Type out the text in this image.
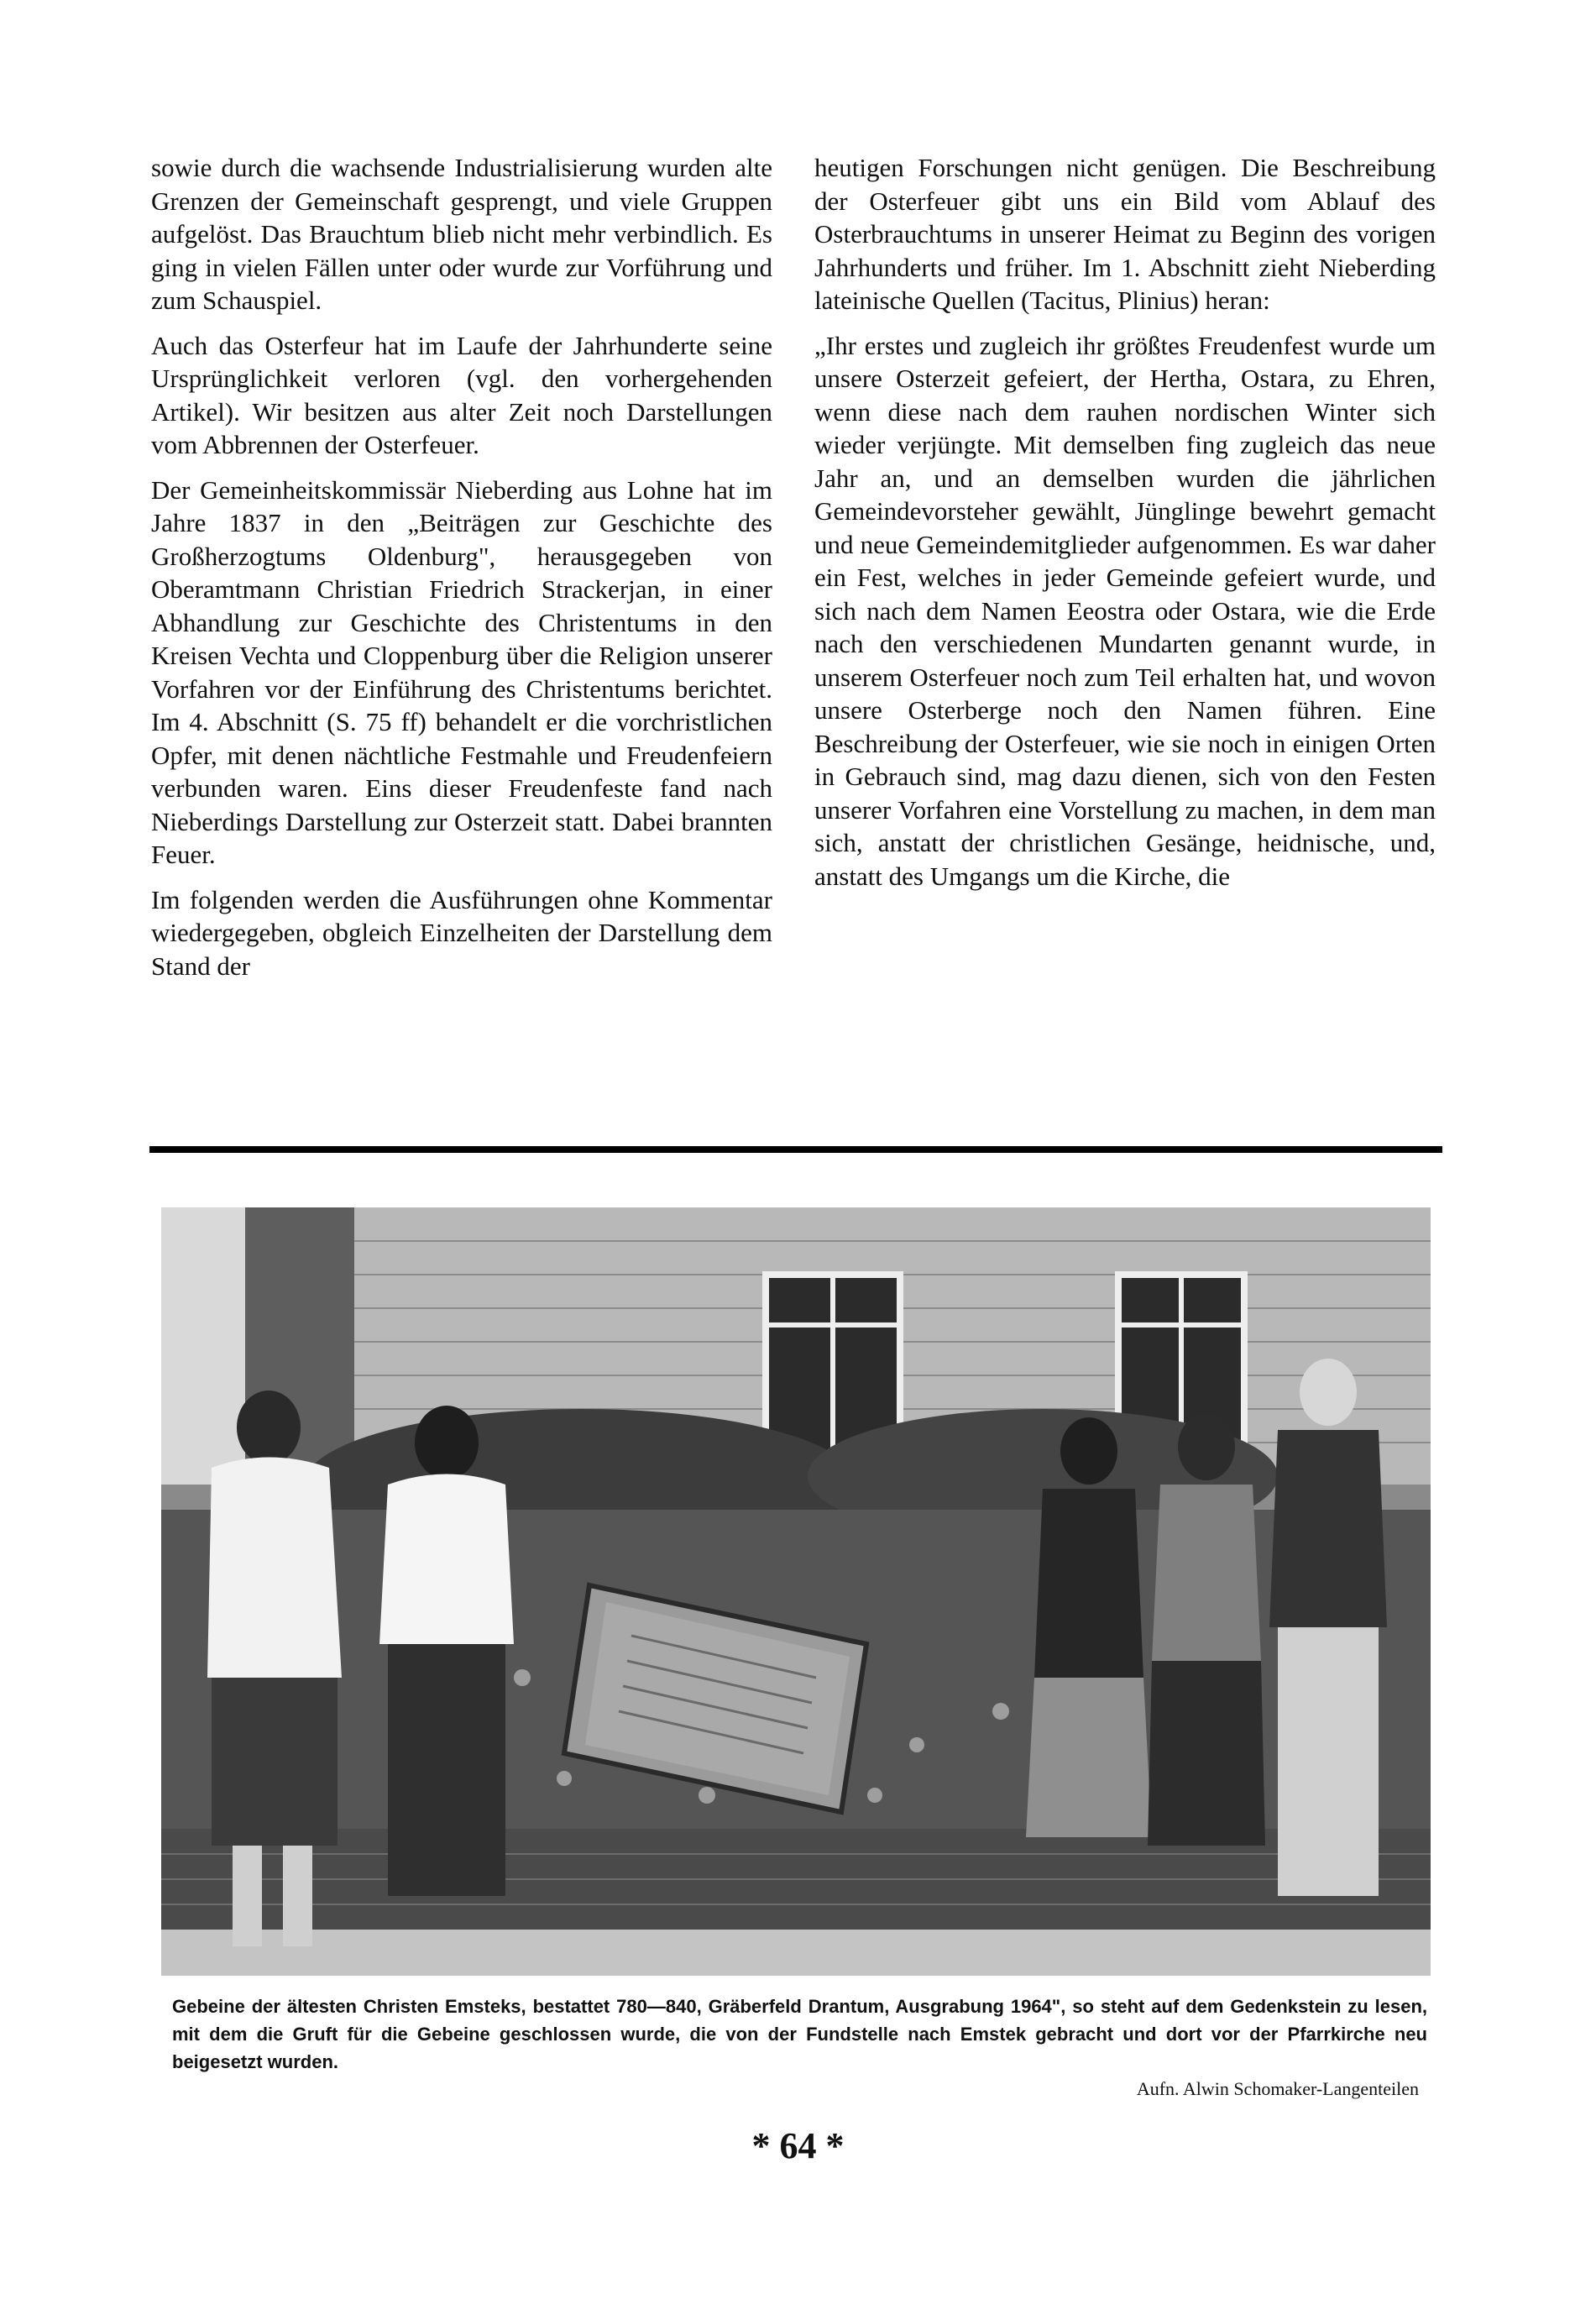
sowie durch die wachsende Industrialisierung wurden alte Grenzen der Gemeinschaft gesprengt, und viele Gruppen aufgelöst. Das Brauchtum blieb nicht mehr verbindlich. Es ging in vielen Fällen unter oder wurde zur Vorführung und zum Schauspiel.

Auch das Osterfeur hat im Laufe der Jahrhunderte seine Ursprünglichkeit verloren (vgl. den vorhergehenden Artikel). Wir besitzen aus alter Zeit noch Darstellungen vom Abbrennen der Osterfeuer.

Der Gemeinheitskommissär Nieberding aus Lohne hat im Jahre 1837 in den „Beiträgen zur Geschichte des Großherzogtums Oldenburg", herausgegeben von Oberamtmann Christian Friedrich Strackerjan, in einer Abhandlung zur Geschichte des Christentums in den Kreisen Vechta und Cloppenburg über die Religion unserer Vorfahren vor der Einführung des Christentums berichtet. Im 4. Abschnitt (S. 75 ff) behandelt er die vorchristlichen Opfer, mit denen nächtliche Festmahle und Freudenfeiern verbunden waren. Eins dieser Freudenfeste fand nach Nieberdings Darstellung zur Osterzeit statt. Dabei brannten Feuer.

Im folgenden werden die Ausführungen ohne Kommentar wiedergegeben, obgleich Einzelheiten der Darstellung dem Stand der

heutigen Forschungen nicht genügen. Die Beschreibung der Osterfeuer gibt uns ein Bild vom Ablauf des Osterbrauchtums in unserer Heimat zu Beginn des vorigen Jahrhunderts und früher. Im 1. Abschnitt zieht Nieberding lateinische Quellen (Tacitus, Plinius) heran:

„Ihr erstes und zugleich ihr größtes Freudenfest wurde um unsere Osterzeit gefeiert, der Hertha, Ostara, zu Ehren, wenn diese nach dem rauhen nordischen Winter sich wieder verjüngte. Mit demselben fing zugleich das neue Jahr an, und an demselben wurden die jährlichen Gemeindevorsteher gewählt, Jünglinge bewehrt gemacht und neue Gemeindemitglieder aufgenommen. Es war daher ein Fest, welches in jeder Gemeinde gefeiert wurde, und sich nach dem Namen Eeostra oder Ostara, wie die Erde nach den verschiedenen Mundarten genannt wurde, in unserem Osterfeuer noch zum Teil erhalten hat, und wovon unsere Osterberge noch den Namen führen. Eine Beschreibung der Osterfeuer, wie sie noch in einigen Orten in Gebrauch sind, mag dazu dienen, sich von den Festen unserer Vorfahren eine Vorstellung zu machen, in dem man sich, anstatt der christlichen Gesänge, heidnische, und, anstatt des Umgangs um die Kirche, die

Gebeine der ältesten Christen Emsteks, bestattet 780—840, Gräberfeld Drantum, Ausgrabung 1964", so steht auf dem Gedenkstein zu lesen, mit dem die Gruft für die Gebeine geschlossen wurde, die von der Fundstelle nach Emstek gebracht und dort vor der Pfarrkirche neu beigesetzt wurden.
Aufn. Alwin Schomaker-Langenteilen
* 64 *
